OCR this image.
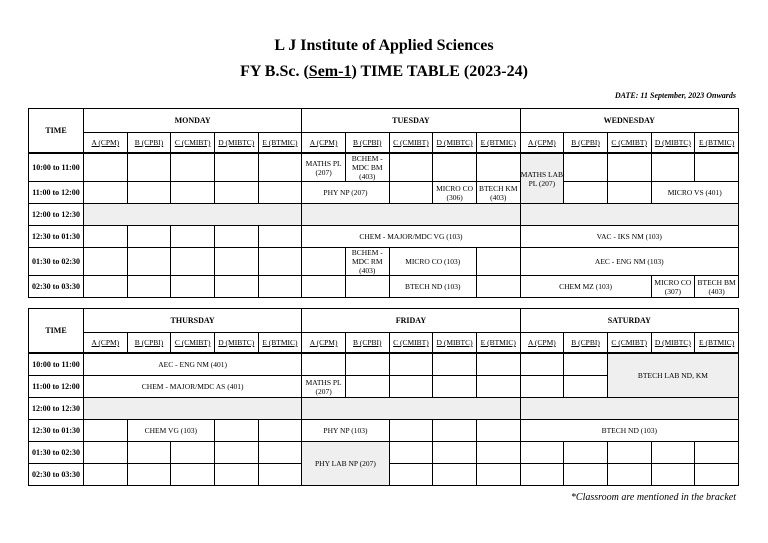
L J Institute of Applied Sciences
FY B.Sc. (Sem-1) TIME TABLE (2023-24)
DATE: 11 September, 2023 Onwards
TIME	MONDAY					TUESDAY					WEDNESDAY				
	A (CPM)	B (CPBI)	C (CMIBT)	D (MIBTC)	E (BTMIC)	A (CPM)	B (CPBI)	C (CMIBT)	D (MIBTC)	E (BTMIC)	A (CPM)	B (CPBI)	C (CMIBT)	D (MIBTC)	E (BTMIC)
10:00 to 11:00						MATHS PL (207)	BCHEM - MDC BM (403)				MATHS LAB PL (207)				
11:00 to 12:00						PHY NP (207)			MICRO CO (306)	BTECH KM (403)				MICRO VS (401)	
12:00 to 12:30															
12:30 to 01:30						CHEM - MAJOR/MDC VG (103)					VAC - IKS NM (103)				
01:30 to 02:30							BCHEM - MDC RM (403)	MICRO CO (103)			AEC - ENG NM (103)				
02:30 to 03:30								BTECH ND (103)			CHEM MZ (103)			MICRO CO (307)	BTECH BM (403)
TIME	THURSDAY					FRIDAY					SATURDAY				
	A (CPM)	B (CPBI)	C (CMIBT)	D (MIBTC)	E (BTMIC)	A (CPM)	B (CPBI)	C (CMIBT)	D (MIBTC)	E (BTMIC)	A (CPM)	B (CPBI)	C (CMIBT)	D (MIBTC)	E (BTMIC)
10:00 to 11:00	AEC - ENG NM (401)												BTECH LAB ND, KM		
11:00 to 12:00	CHEM - MAJOR/MDC AS (401)					MATHS PL (207)									
12:00 to 12:30															
12:30 to 01:30		CHEM VG (103)				PHY NP (103)					BTECH ND (103)				
01:30 to 02:30						PHY LAB NP (207)									
02:30 to 03:30															
*Classroom are mentioned in the bracket
